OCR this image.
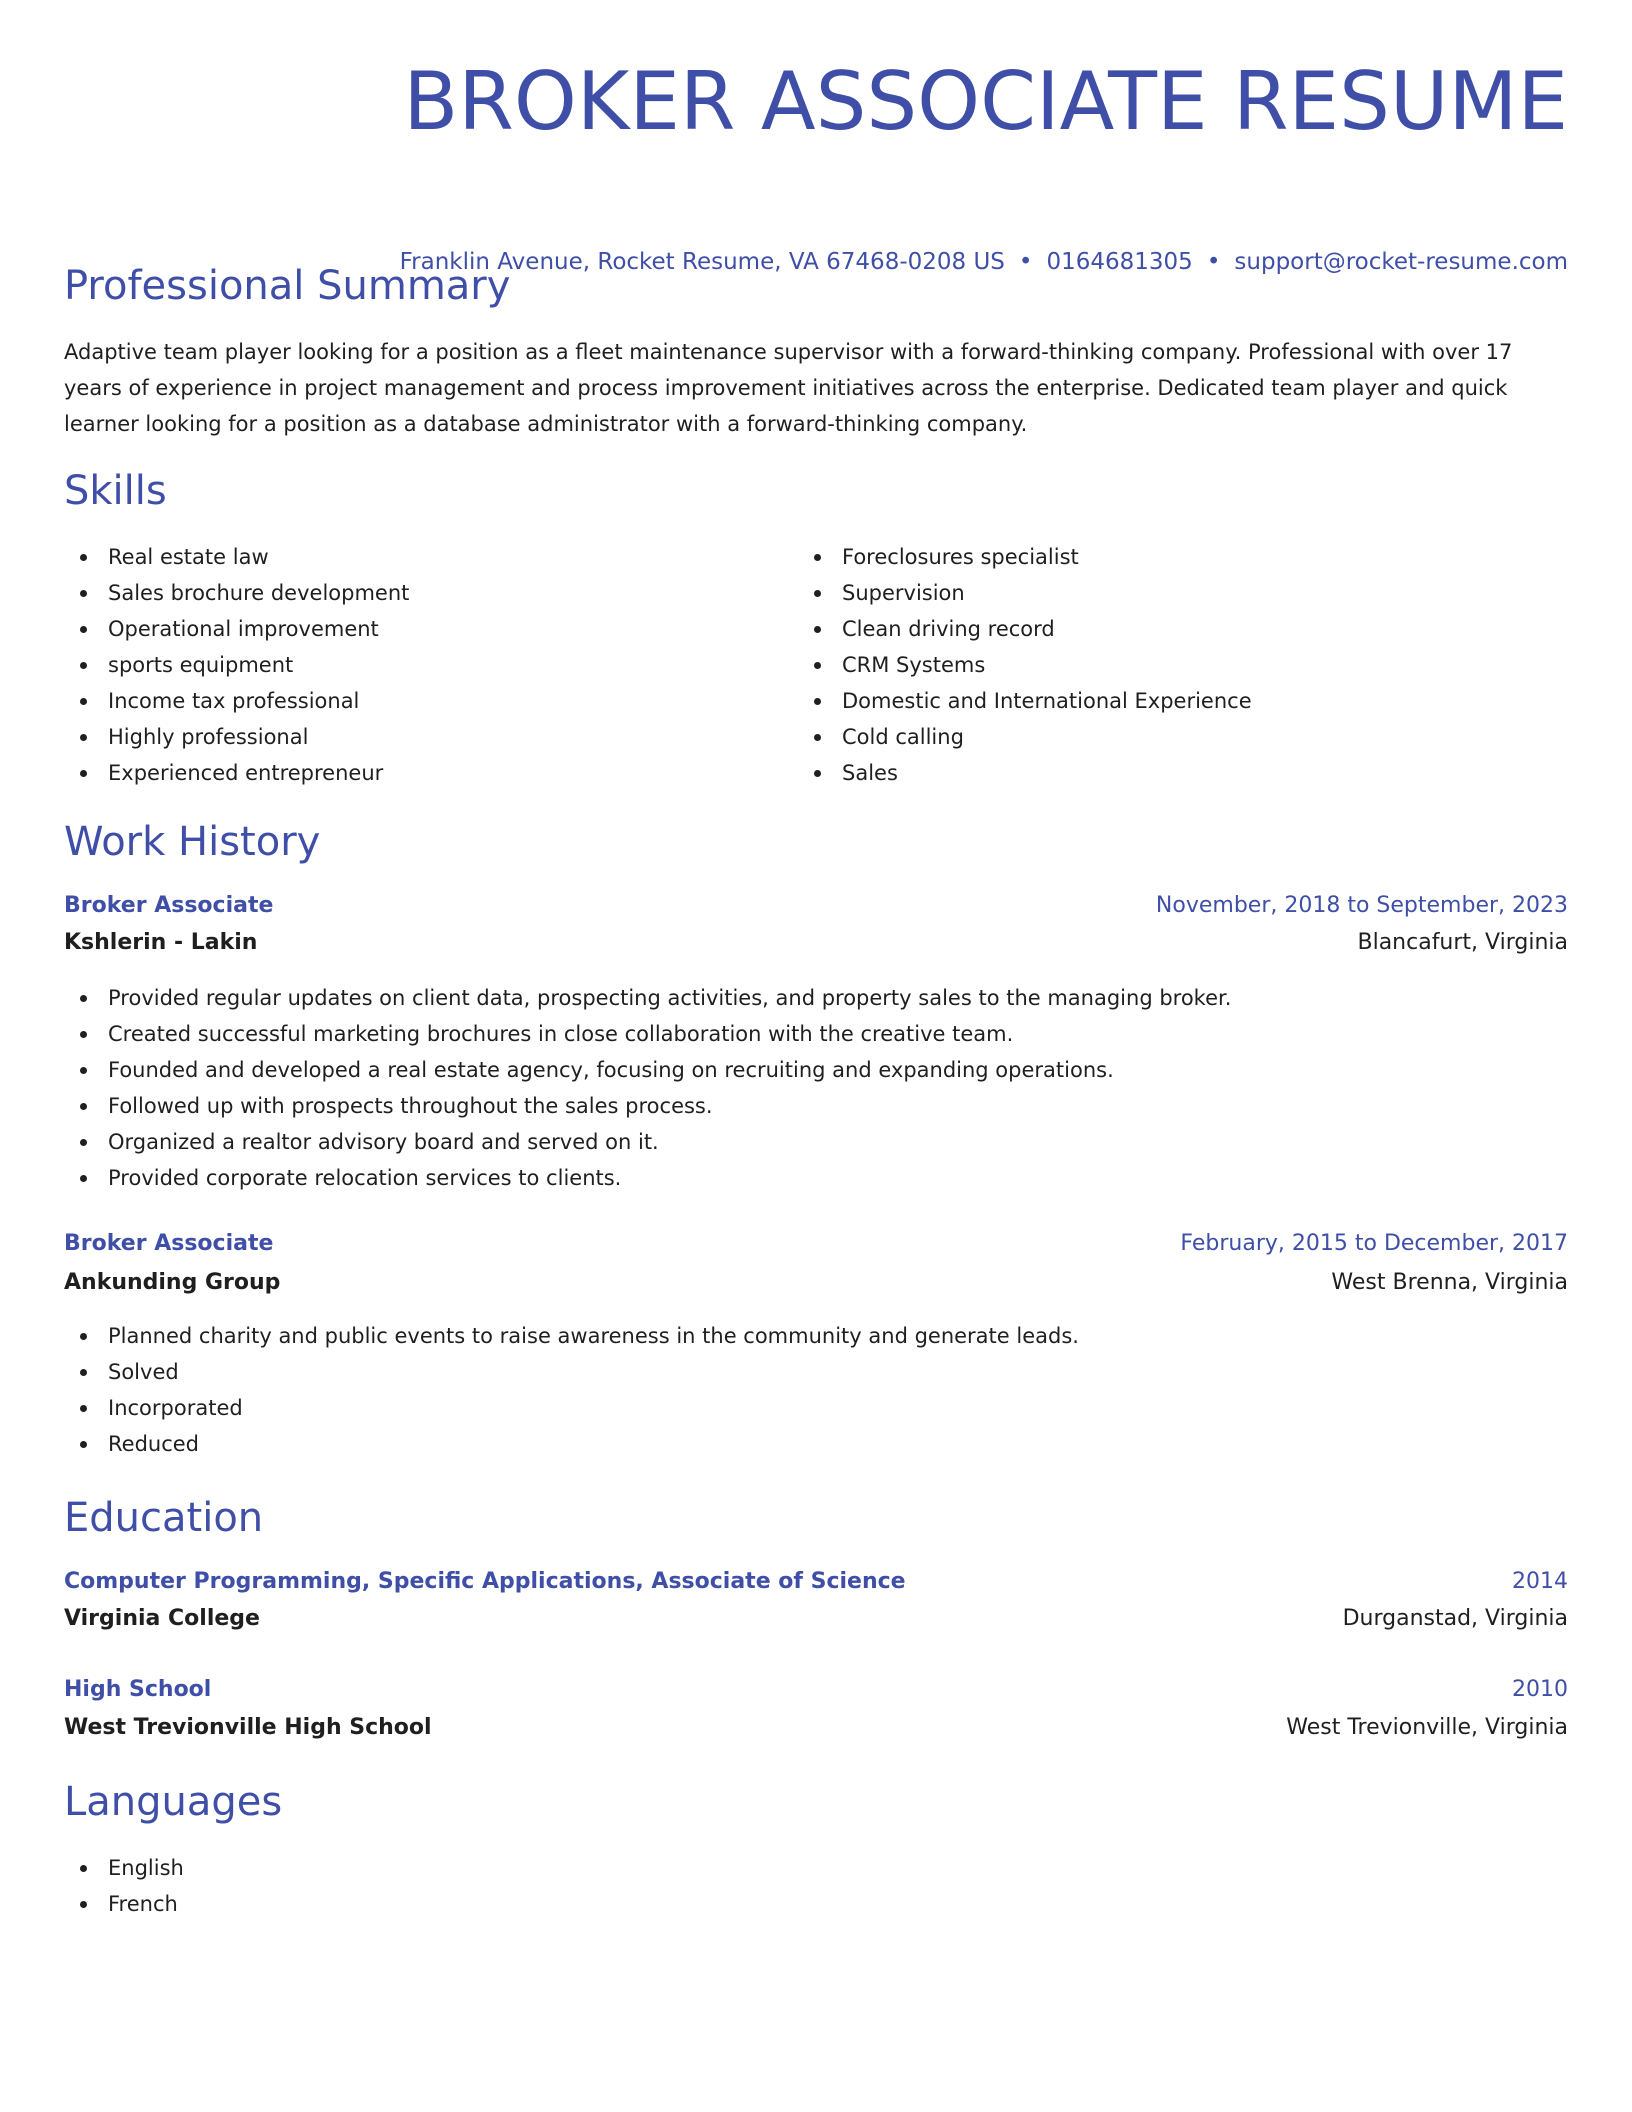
BROKER ASSOCIATE RESUME
Franklin Avenue, Rocket Resume, VA 67468-0208 US • 0164681305 • support@rocket-resume.com
Professional Summary

Adaptive team player looking for a position as a fleet maintenance supervisor with a forward-thinking company. Professional with over 17 years of experience in project management and process improvement initiatives across the enterprise. Dedicated team player and quick learner looking for a position as a database administrator with a forward-thinking company.

Skills
Real estate law
Sales brochure development
Operational improvement
sports equipment
Income tax professional
Highly professional
Experienced entrepreneur
Foreclosures specialist
Supervision
Clean driving record
CRM Systems
Domestic and International Experience
Cold calling
Sales
Work History
Broker Associate	November, 2018 to September, 2023
Kshlerin - Lakin	Blancafurt, Virginia
Provided regular updates on client data, prospecting activities, and property sales to the managing broker.
Created successful marketing brochures in close collaboration with the creative team.
Founded and developed a real estate agency, focusing on recruiting and expanding operations.
Followed up with prospects throughout the sales process.
Organized a realtor advisory board and served on it.
Provided corporate relocation services to clients.
Broker Associate	February, 2015 to December, 2017
Ankunding Group	West Brenna, Virginia
Planned charity and public events to raise awareness in the community and generate leads.
Solved
Incorporated
Reduced
Education
Computer Programming, Specific Applications, Associate of Science	2014
Virginia College	Durganstad, Virginia
High School	2010
West Trevionville High School	West Trevionville, Virginia
Languages
English
French
